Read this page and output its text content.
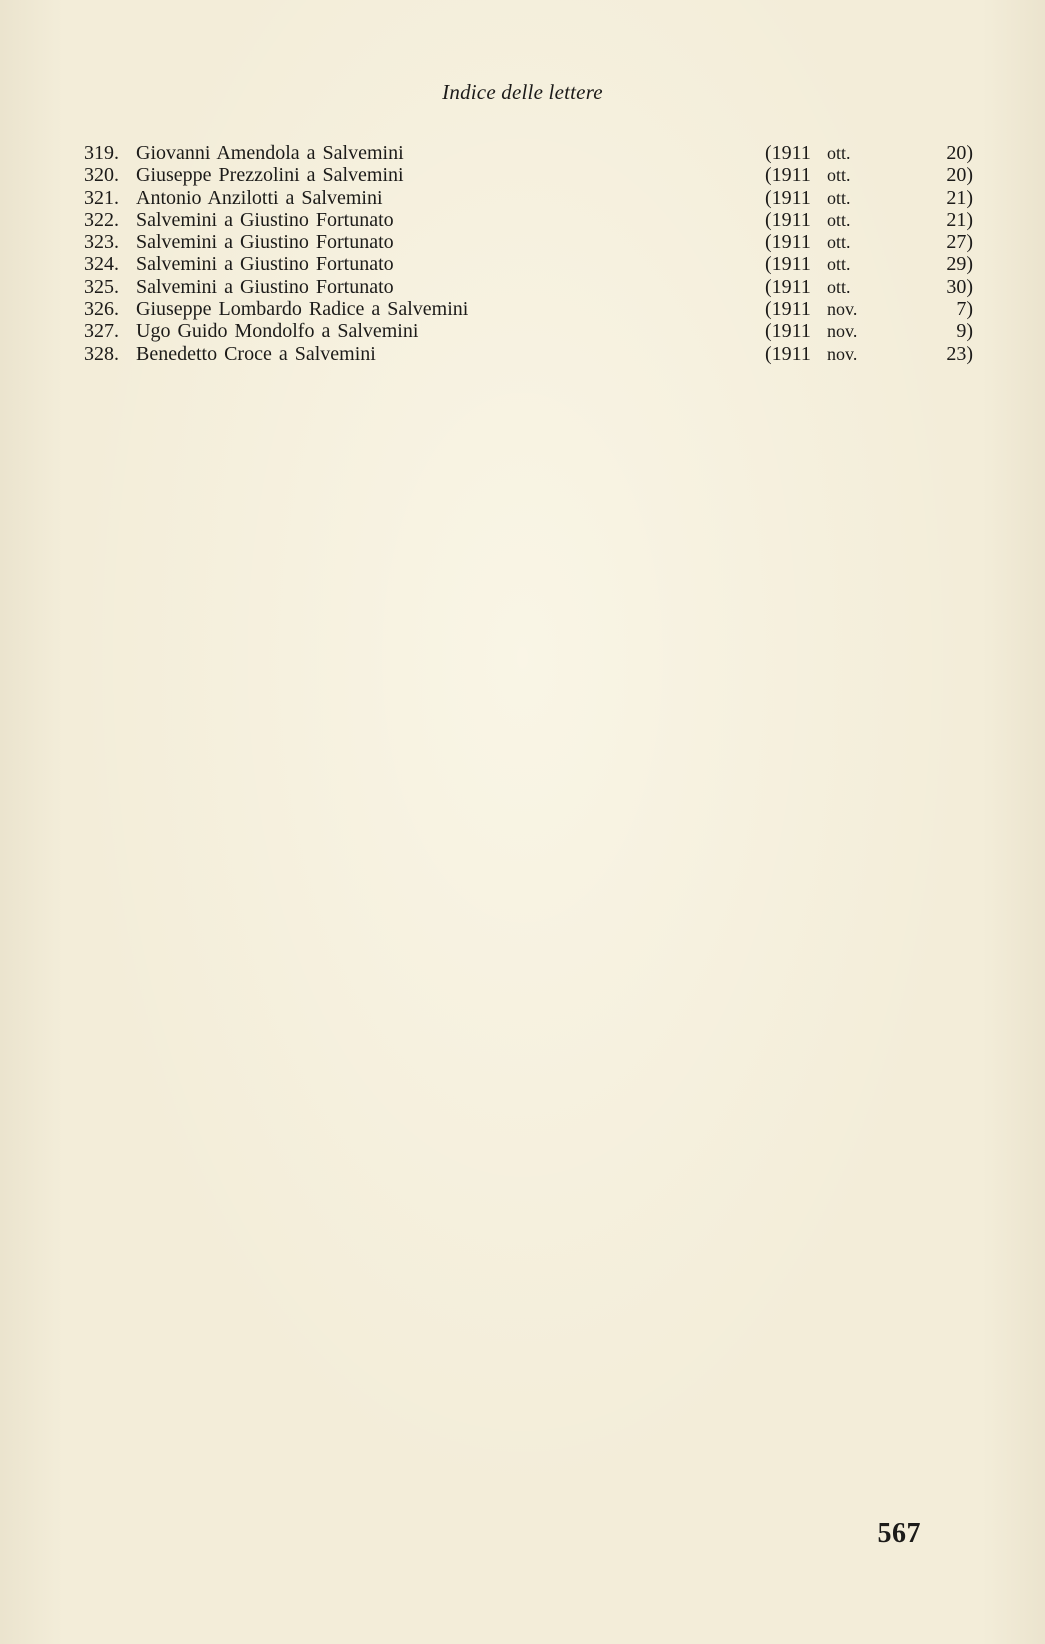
Indice delle lettere
319. Giovanni Amendola a Salvemini	(1911 ott.	20)
320. Giuseppe Prezzolini a Salvemini	(1911 ott.	20)
321. Antonio Anzilotti a Salvemini	(1911 ott.	21)
322. Salvemini a Giustino Fortunato	(1911 ott.	21)
323. Salvemini a Giustino Fortunato	(1911 ott.	27)
324. Salvemini a Giustino Fortunato	(1911 ott.	29)
325. Salvemini a Giustino Fortunato	(1911 ott.	30)
326. Giuseppe Lombardo Radice a Salvemini	(1911 nov.	7)
327. Ugo Guido Mondolfo a Salvemini	(1911 nov.	9)
328. Benedetto Croce a Salvemini	(1911 nov.	23)
567
